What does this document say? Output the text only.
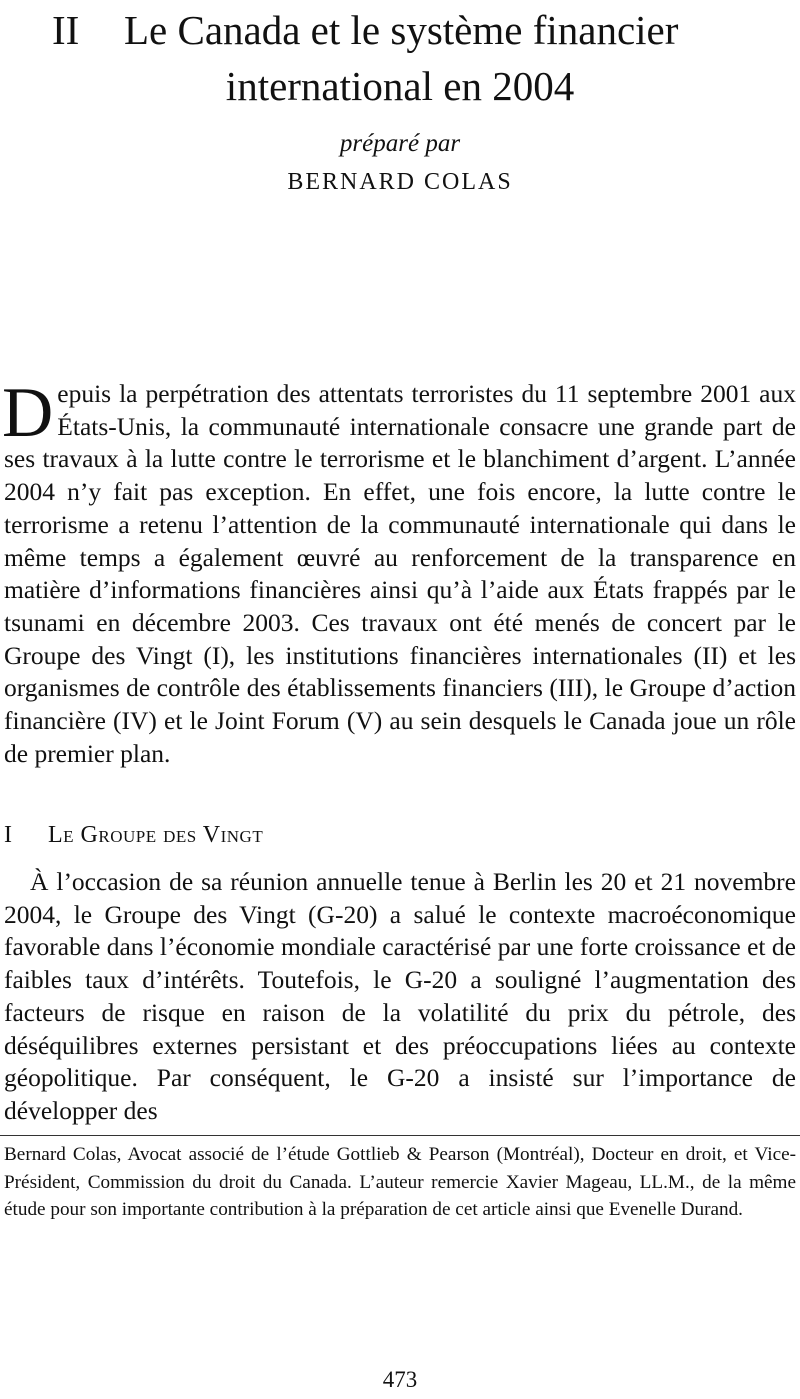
II Le Canada et le système financier
international en 2004
préparé par
BERNARD COLAS
Depuis la perpétration des attentats terroristes du 11 septembre 2001 aux États-Unis, la communauté internationale consacre une grande part de ses travaux à la lutte contre le terrorisme et le blanchiment d’argent. L’année 2004 n’y fait pas exception. En effet, une fois encore, la lutte contre le terrorisme a retenu l’attention de la communauté internationale qui dans le même temps a également œuvré au renforcement de la transparence en matière d’informations financières ainsi qu’à l’aide aux États frappés par le tsunami en décembre 2003. Ces travaux ont été menés de concert par le Groupe des Vingt (I), les institutions financières internationales (II) et les organismes de contrôle des établissements financiers (III), le Groupe d’action financière (IV) et le Joint Forum (V) au sein desquels le Canada joue un rôle de premier plan.
I Le Groupe des Vingt
À l’occasion de sa réunion annuelle tenue à Berlin les 20 et 21 novembre 2004, le Groupe des Vingt (G-20) a salué le contexte macroéconomique favorable dans l’économie mondiale caractérisé par une forte croissance et de faibles taux d’intérêts. Toutefois, le G-20 a souligné l’augmentation des facteurs de risque en raison de la volatilité du prix du pétrole, des déséquilibres externes persistant et des préoccupations liées au contexte géopolitique. Par conséquent, le G-20 a insisté sur l’importance de développer des
Bernard Colas, Avocat associé de l’étude Gottlieb & Pearson (Montréal), Docteur en droit, et Vice-Président, Commission du droit du Canada. L’auteur remercie Xavier Mageau, LL.M., de la même étude pour son importante contribution à la préparation de cet article ainsi que Evenelle Durand.
473
